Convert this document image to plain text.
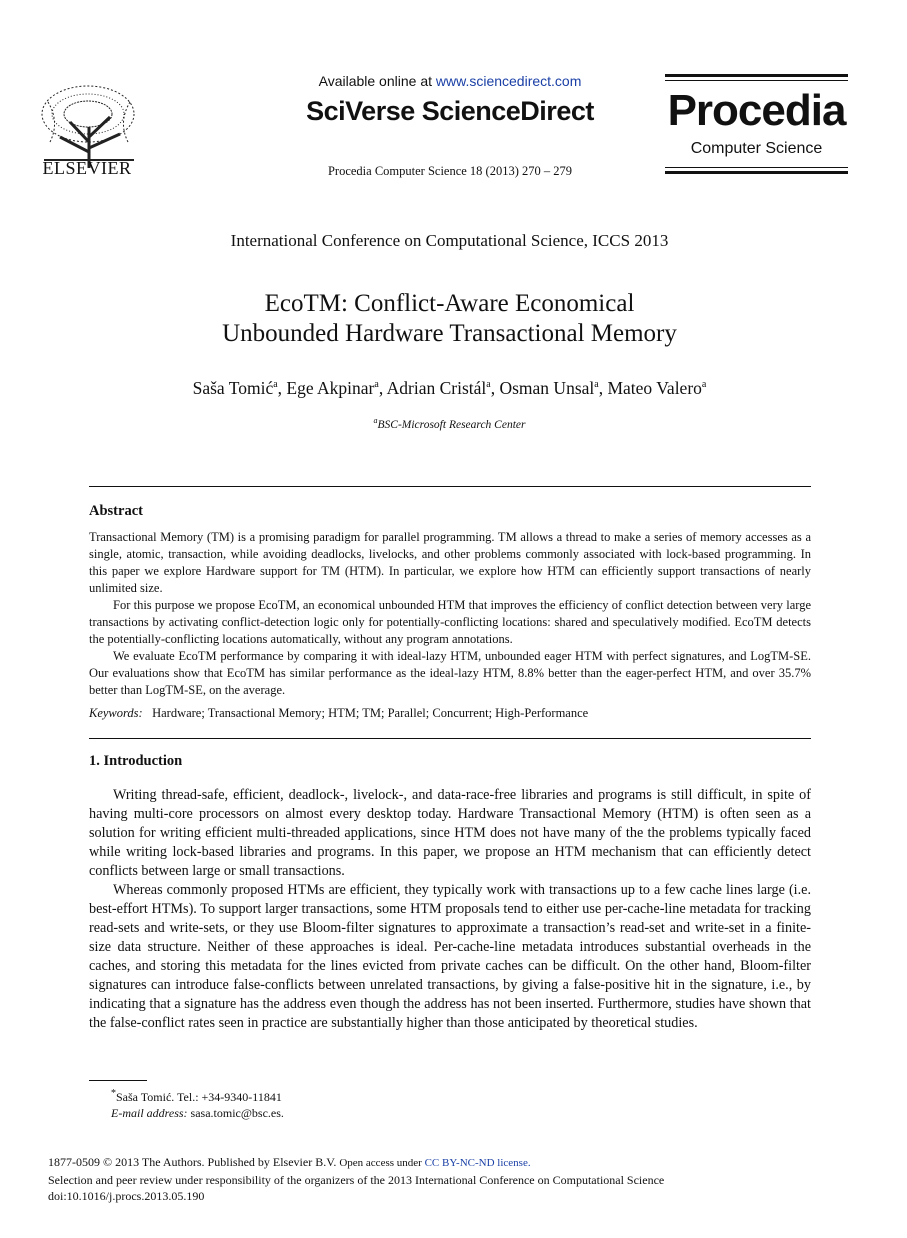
ELSEVIER
Available online at www.sciencedirect.com
SciVerse ScienceDirect
Procedia Computer Science 18 (2013) 270 – 279
Procedia
Computer Science
International Conference on Computational Science, ICCS 2013
EcoTM: Conflict-Aware Economical
Unbounded Hardware Transactional Memory
Saša Tomić$^a$, Ege Akpinar$^a$, Adrian Cristál$^a$, Osman Unsal$^a$, Mateo Valero$^a$
$^a$BSC-Microsoft Research Center
Abstract

Transactional Memory (TM) is a promising paradigm for parallel programming. TM allows a thread to make a series of memory accesses as a single, atomic, transaction, while avoiding deadlocks, livelocks, and other problems commonly associated with lock-based programming. In this paper we explore Hardware support for TM (HTM). In particular, we explore how HTM can efficiently support transactions of nearly unlimited size.

For this purpose we propose EcoTM, an economical unbounded HTM that improves the efficiency of conflict detection between very large transactions by activating conflict-detection logic only for potentially-conflicting locations: shared and speculatively modified. EcoTM detects the potentially-conflicting locations automatically, without any program annotations.

We evaluate EcoTM performance by comparing it with ideal-lazy HTM, unbounded eager HTM with perfect signatures, and LogTM-SE. Our evaluations show that EcoTM has similar performance as the ideal-lazy HTM, 8.8% better than the eager-perfect HTM, and over 35.7% better than LogTM-SE, on the average.

Keywords: Hardware; Transactional Memory; HTM; TM; Parallel; Concurrent; High-Performance

1. Introduction

Writing thread-safe, efficient, deadlock-, livelock-, and data-race-free libraries and programs is still difficult, in spite of having multi-core processors on almost every desktop today. Hardware Transactional Memory (HTM) is often seen as a solution for writing efficient multi-threaded applications, since HTM does not have many of the the problems typically faced while writing lock-based libraries and programs. In this paper, we propose an HTM mechanism that can efficiently detect conflicts between large or small transactions.

Whereas commonly proposed HTMs are efficient, they typically work with transactions up to a few cache lines large (i.e. best-effort HTMs). To support larger transactions, some HTM proposals tend to either use per-cache-line metadata for tracking read-sets and write-sets, or they use Bloom-filter signatures to approximate a transaction’s read-set and write-set in a finite-size data structure. Neither of these approaches is ideal. Per-cache-line metadata introduces substantial overheads in the caches, and storing this metadata for the lines evicted from private caches can be difficult. On the other hand, Bloom-filter signatures can introduce false-conflicts between unrelated transactions, by giving a false-positive hit in the signature, i.e., by indicating that a signature has the address even though the address has not been inserted. Furthermore, studies have shown that the false-conflict rates seen in practice are substantially higher than those anticipated by theoretical studies.

*Saša Tomić. Tel.: +34-9340-11841
E-mail address: sasa.tomic@bsc.es.
1877-0509 © 2013 The Authors. Published by Elsevier B.V. Open access under CC BY-NC-ND license.
Selection and peer review under responsibility of the organizers of the 2013 International Conference on Computational Science
doi:10.1016/j.procs.2013.05.190
